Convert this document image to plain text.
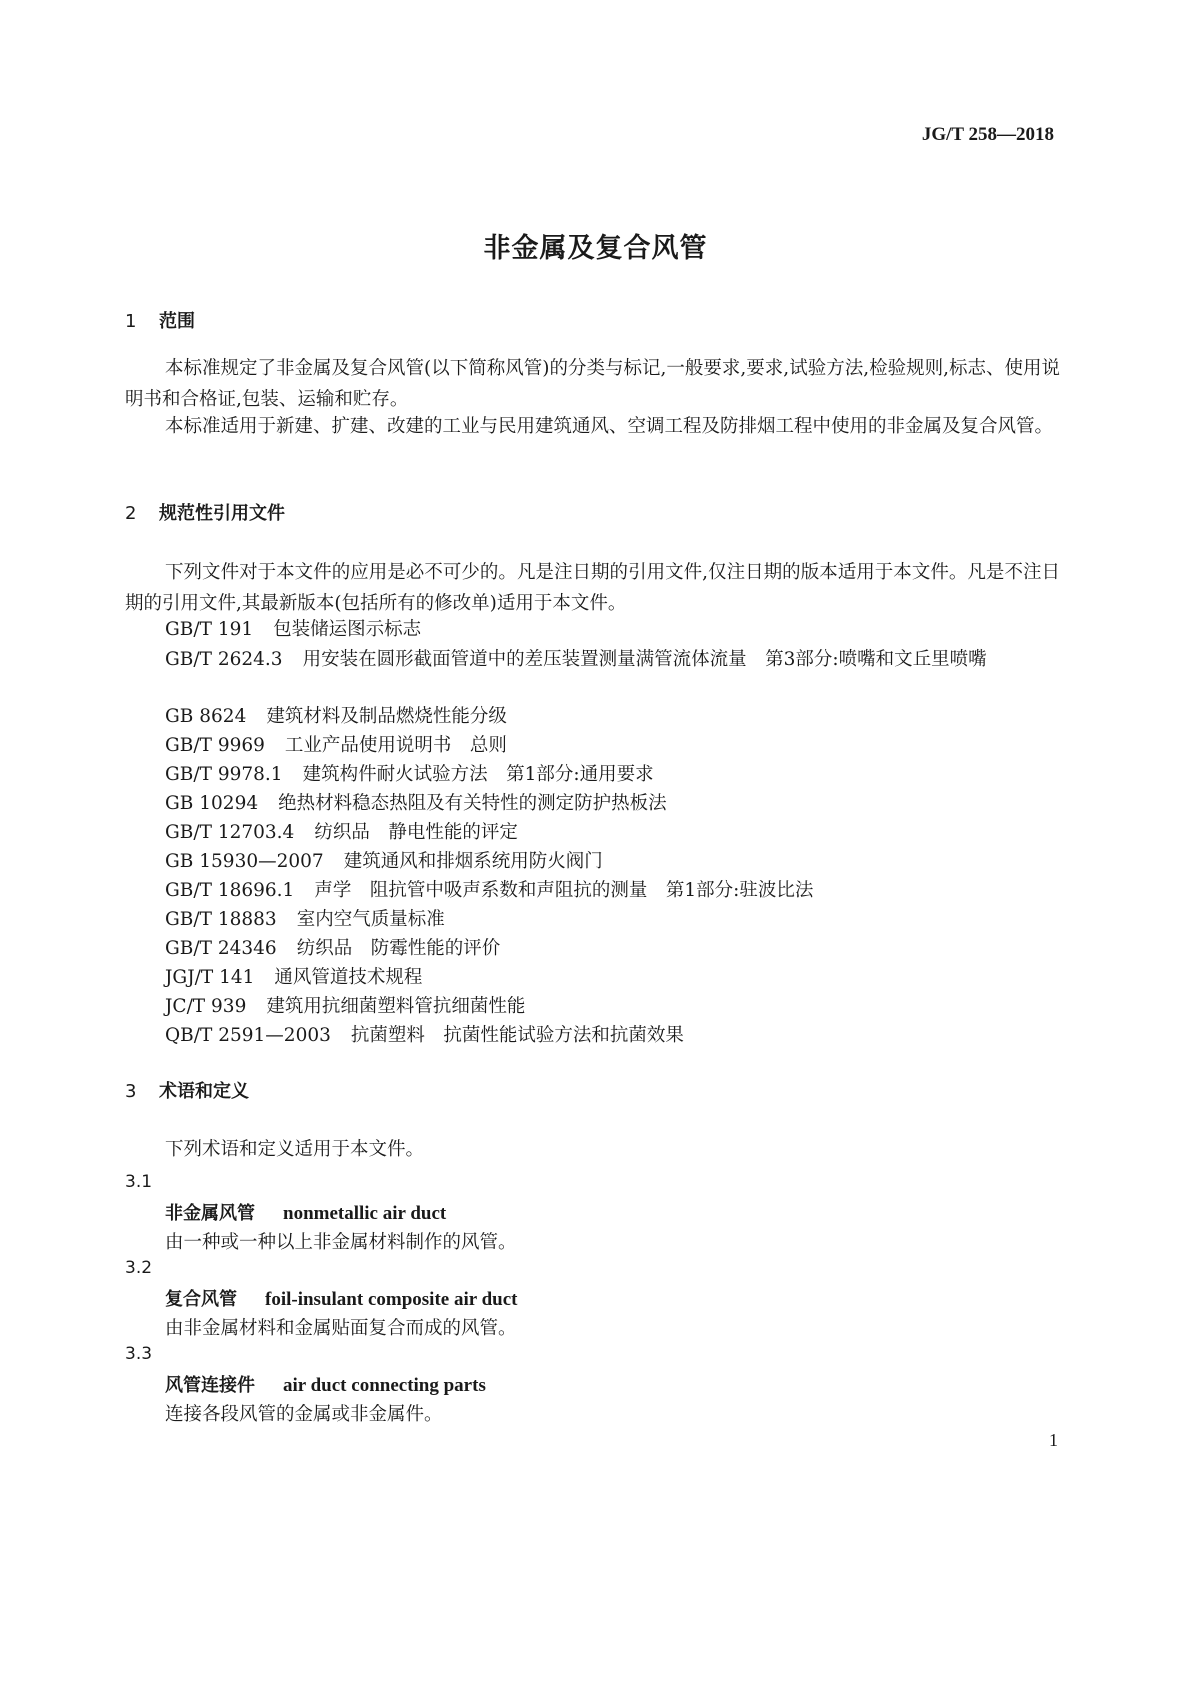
JG/T 258—2018
非金属及复合风管
1 范围

本标准规定了非金属及复合风管(以下简称风管)的分类与标记,一般要求,要求,试验方法,检验规则,标志、使用说明书和合格证,包装、运输和贮存。

本标准适用于新建、扩建、改建的工业与民用建筑通风、空调工程及防排烟工程中使用的非金属及复合风管。

2 规范性引用文件

下列文件对于本文件的应用是必不可少的。凡是注日期的引用文件,仅注日期的版本适用于本文件。凡是不注日期的引用文件,其最新版本(包括所有的修改单)适用于本文件。

GB/T 191 包装储运图示标志
GB/T 2624.3 用安装在圆形截面管道中的差压装置测量满管流体流量　第3部分:喷嘴和文丘里喷嘴
GB 8624 建筑材料及制品燃烧性能分级
GB/T 9969 工业产品使用说明书　总则
GB/T 9978.1 建筑构件耐火试验方法　第1部分:通用要求
GB 10294 绝热材料稳态热阻及有关特性的测定防护热板法
GB/T 12703.4 纺织品　静电性能的评定
GB 15930—2007 建筑通风和排烟系统用防火阀门
GB/T 18696.1 声学　阻抗管中吸声系数和声阻抗的测量　第1部分:驻波比法
GB/T 18883 室内空气质量标准
GB/T 24346 纺织品　防霉性能的评价
JGJ/T 141 通风管道技术规程
JC/T 939 建筑用抗细菌塑料管抗细菌性能
QB/T 2591—2003 抗菌塑料　抗菌性能试验方法和抗菌效果
3 术语和定义

下列术语和定义适用于本文件。

3.1
非金属风管 nonmetallic air duct
由一种或一种以上非金属材料制作的风管。
3.2
复合风管 foil-insulant composite air duct
由非金属材料和金属贴面复合而成的风管。
3.3
风管连接件 air duct connecting parts
连接各段风管的金属或非金属件。
1
